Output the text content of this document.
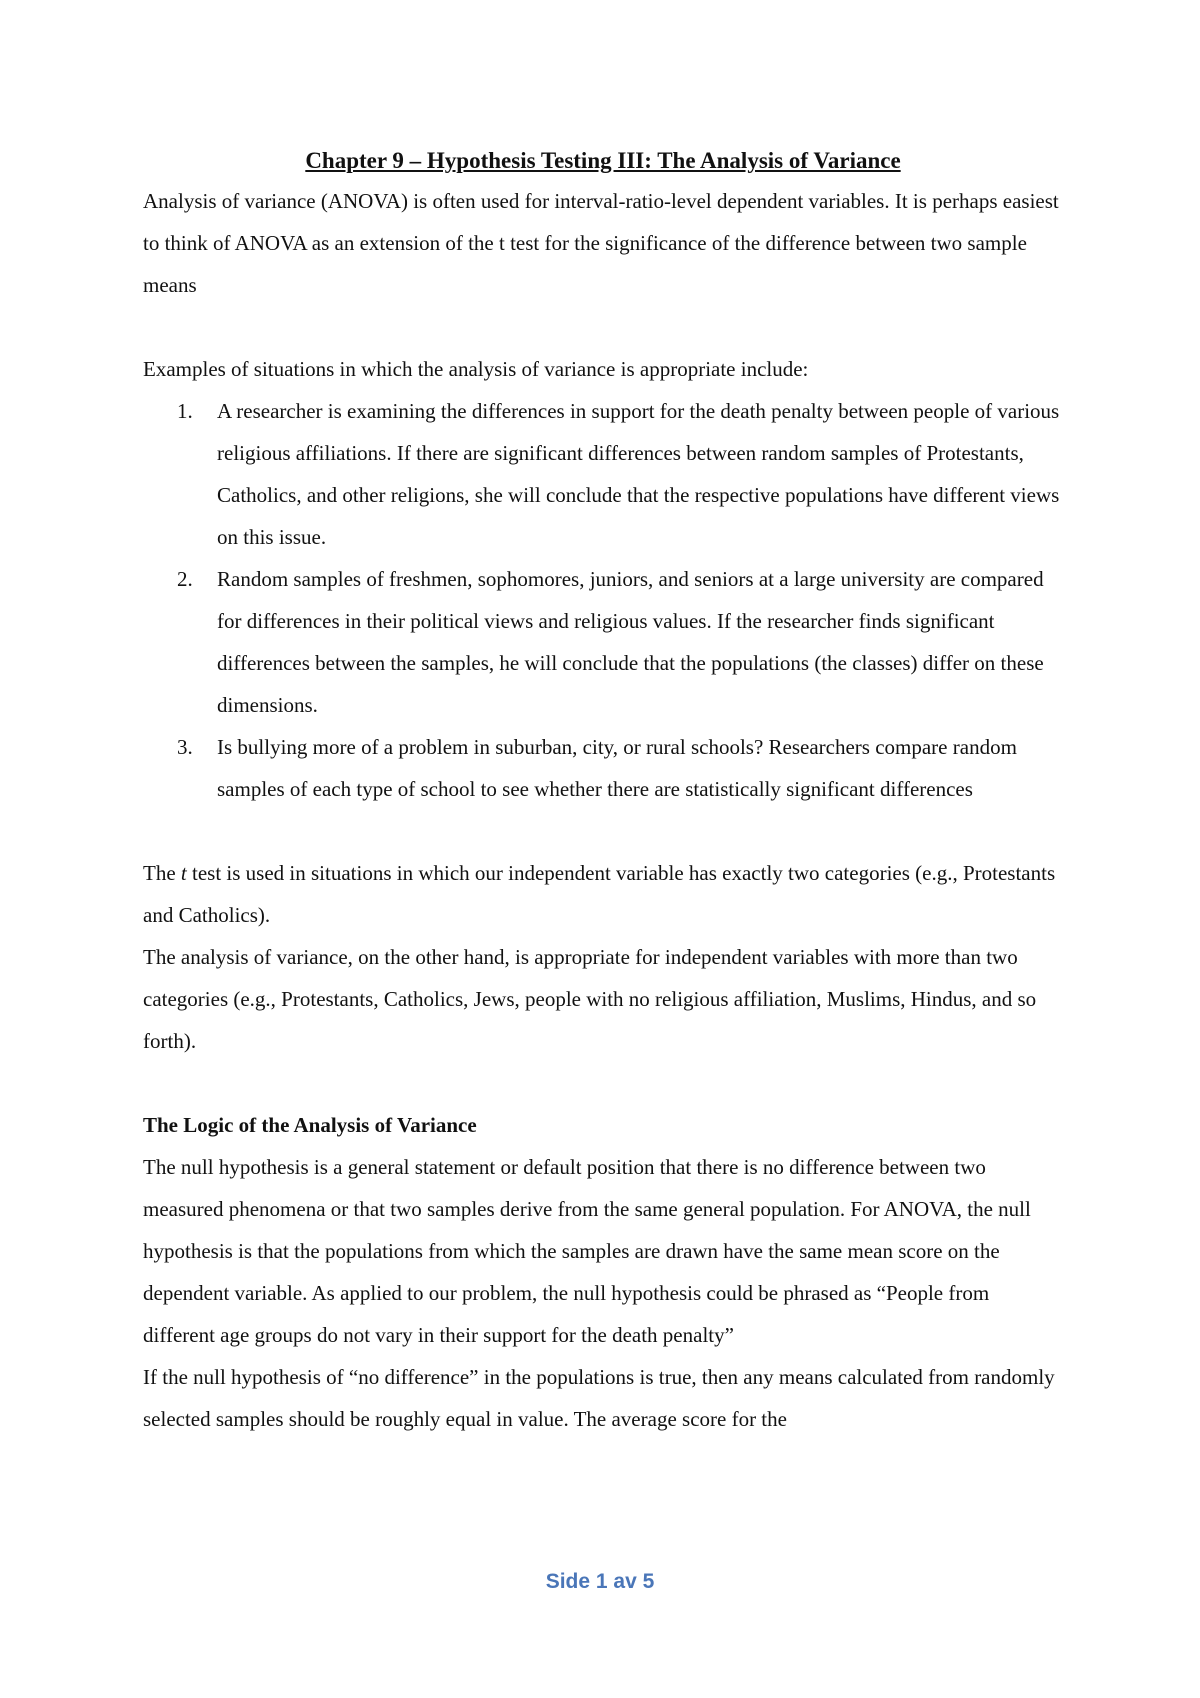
Chapter 9 – Hypothesis Testing III: The Analysis of Variance

Analysis of variance (ANOVA) is often used for interval-ratio-level dependent variables. It is perhaps easiest to think of ANOVA as an extension of the t test for the significance of the difference between two sample means

Examples of situations in which the analysis of variance is appropriate include:

1. A researcher is examining the differences in support for the death penalty between people of various religious affiliations. If there are significant differences between random samples of Protestants, Catholics, and other religions, she will conclude that the respective populations have different views on this issue.
2. Random samples of freshmen, sophomores, juniors, and seniors at a large university are compared for differences in their political views and religious values. If the researcher finds significant differences between the samples, he will conclude that the populations (the classes) differ on these dimensions.
3. Is bullying more of a problem in suburban, city, or rural schools? Researchers compare random samples of each type of school to see whether there are statistically significant differences

The t test is used in situations in which our independent variable has exactly two categories (e.g., Protestants and Catholics).

The analysis of variance, on the other hand, is appropriate for independent variables with more than two categories (e.g., Protestants, Catholics, Jews, people with no religious affiliation, Muslims, Hindus, and so forth).

The Logic of the Analysis of Variance

The null hypothesis is a general statement or default position that there is no difference between two measured phenomena or that two samples derive from the same general population. For ANOVA, the null hypothesis is that the populations from which the samples are drawn have the same mean score on the dependent variable. As applied to our problem, the null hypothesis could be phrased as “People from different age groups do not vary in their support for the death penalty”

If the null hypothesis of “no difference” in the populations is true, then any means calculated from randomly selected samples should be roughly equal in value. The average score for the

Side 1 av 5
